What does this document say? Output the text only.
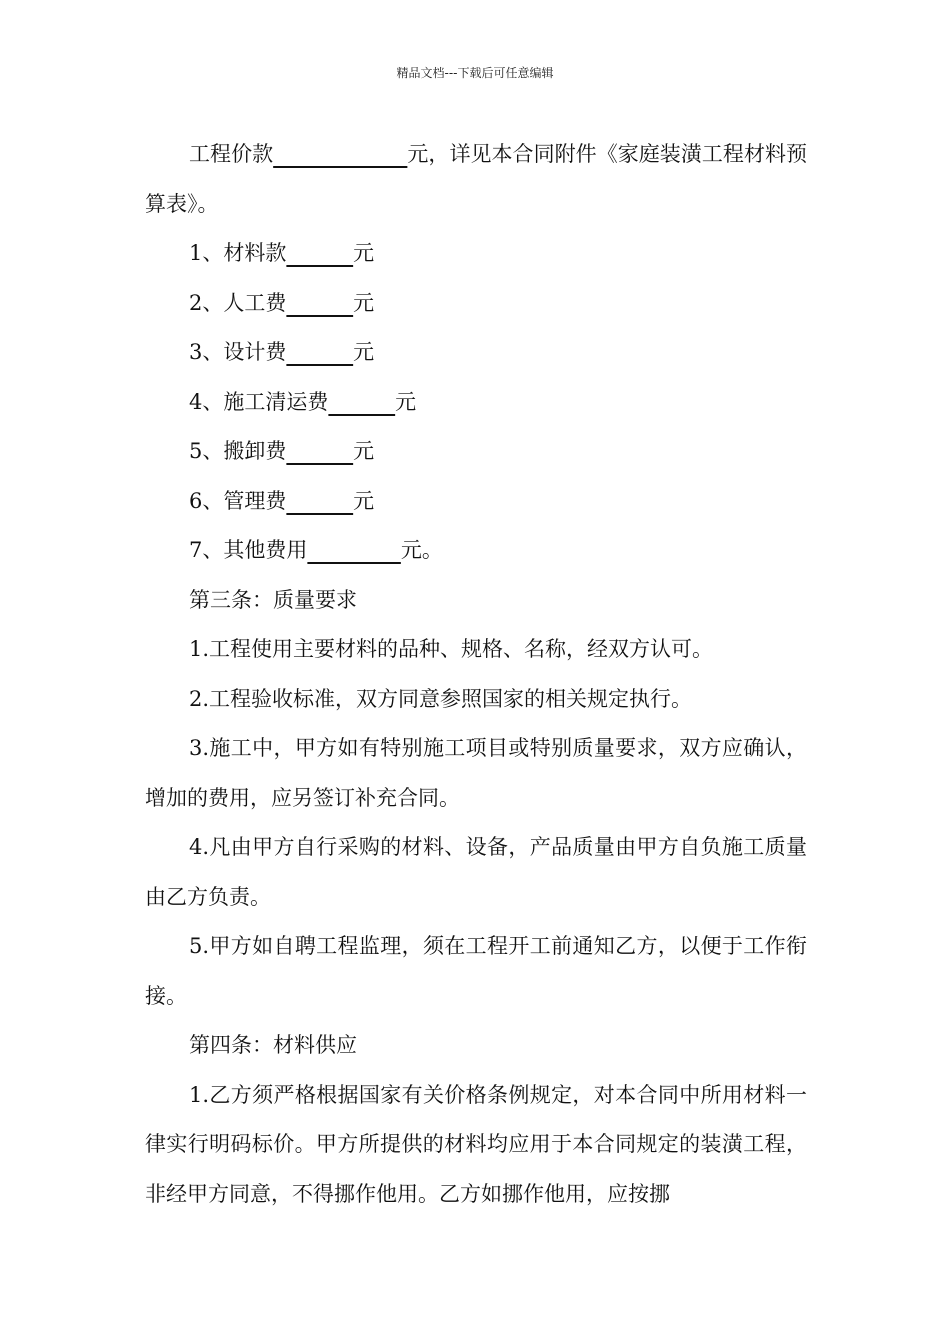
精品文档---下载后可任意编辑

工程价款	元，详见本合同附件《家庭装潢工程材料预算表》。

1、材料款	元

2、人工费	元

3、设计费	元

4、施工清运费	元

5、搬卸费	元

6、管理费	元

7、其他费用	元。

第三条：质量要求

1.工程使用主要材料的品种、规格、名称，经双方认可。

2.工程验收标准，双方同意参照国家的相关规定执行。

3.施工中，甲方如有特别施工项目或特别质量要求，双方应确认，增加的费用，应另签订补充合同。

4.凡由甲方自行采购的材料、设备，产品质量由甲方自负施工质量由乙方负责。

5.甲方如自聘工程监理，须在工程开工前通知乙方，以便于工作衔接。

第四条：材料供应

1.乙方须严格根据国家有关价格条例规定，对本合同中所用材料一律实行明码标价。甲方所提供的材料均应用于本合同规定的装潢工程，非经甲方同意，不得挪作他用。乙方如挪作他用，应按挪
